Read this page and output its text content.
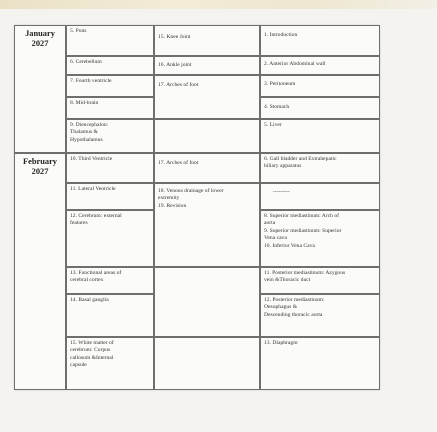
January
2027
February
2027
5. Pons
6. Cerebellum
7. Fourth ventricle
8. Mid-brain
9. Diencephalon:
Thalamus &
Hypothalamus
10. Third Ventricle
11. Lateral Ventricle
12. Cerebrum: external
features
13. Functional areas of
cerebral cortex
14. Basal ganglia
15. White matter of
cerebrum: Corpus
callosum &Internal
capsule
15. Knee Joint
16. Ankle joint
17. Arches of foot
17. Arches of foot
18. Venous drainage of lower
extremity
19. Revision
1. Introduction
2. Anterior Abdominal wall
3. Peritoneum
4. Stomach
5. Liver
6. Gall bladder and Extrahepatic
biliary apparatus
---------
8. Superior mediastinum: Arch of
aorta
9. Superior mediastinum: Superior
Vena cava
10. Inferior Vena Cava
11. Posterior mediastinum: Azygous
vein &Thoracic duct
12. Posterior mediastinum:
Oesophagus &
Descending thoracic aorta
13. Diaphragm
